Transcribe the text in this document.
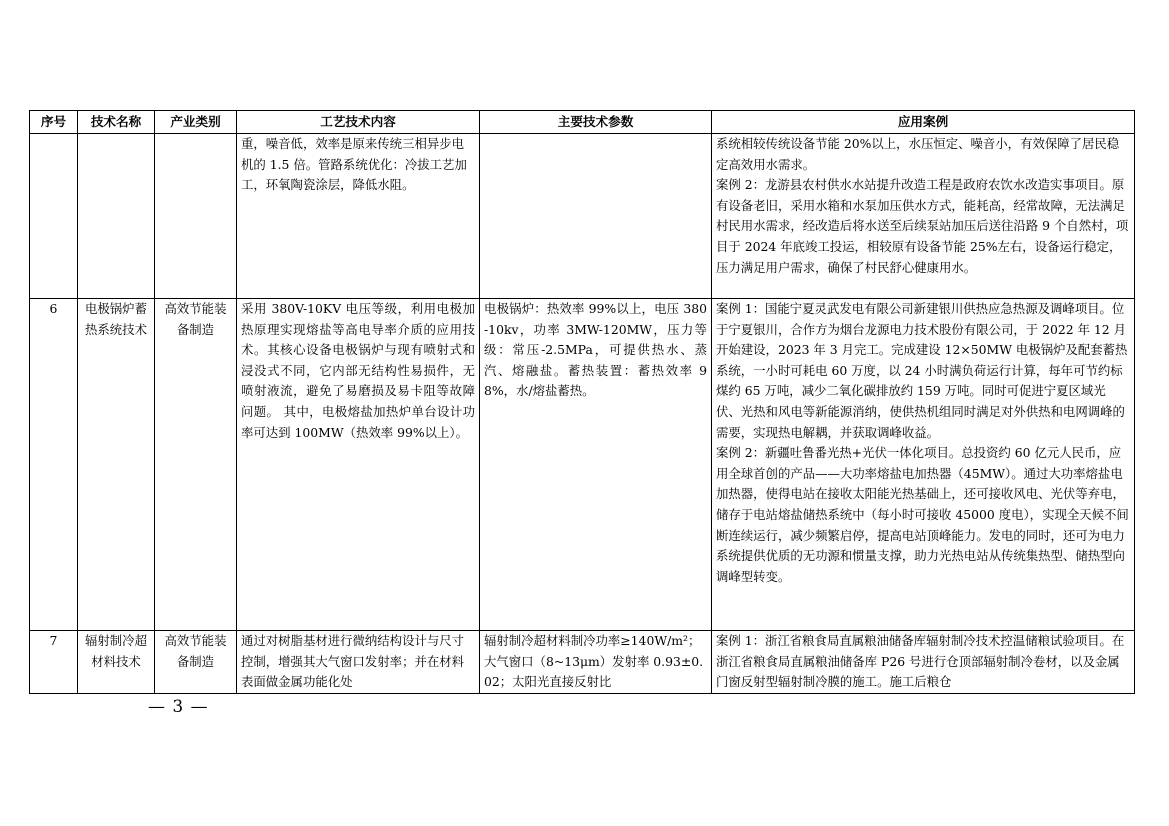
序号	技术名称	产业类别	工艺技术内容	主要技术参数	应用案例
			重，噪音低，效率是原来传统三相异步电机的 1.5 倍。管路系统优化：冷拔工艺加工，环氧陶瓷涂层，降低水阻。		系统相较传统设备节能 20%以上，水压恒定、噪音小，有效保障了居民稳定高效用水需求。
案例 2：龙游县农村供水水站提升改造工程是政府农饮水改造实事项目。原有设备老旧，采用水箱和水泵加压供水方式，能耗高，经常故障，无法满足村民用水需求，经改造后将水送至后续泵站加压后送往沿路 9 个自然村，项目于 2024 年底竣工投运，相较原有设备节能 25%左右，设备运行稳定，压力满足用户需求，确保了村民舒心健康用水。

6	电极锅炉蓄热系统技术	高效节能装备制造	采用 380V-10KV 电压等级，利用电极加热原理实现熔盐等高电导率介质的应用技术。其核心设备电极锅炉与现有喷射式和浸没式不同，它内部无结构性易损件，无喷射液流，避免了易磨损及易卡阻等故障问题。 其中，电极熔盐加热炉单台设计功率可达到 100MW（热效率 99%以上）。	电极锅炉：热效率 99%以上，电压 380-10kv，功率 3MW-120MW，压力等级：常压-2.5MPa，可提供热水、蒸汽、熔融盐。蓄热装置：蓄热效率 98%，水/熔盐蓄热。	案例 1：国能宁夏灵武发电有限公司新建银川供热应急热源及调峰项目。位于宁夏银川，合作方为烟台龙源电力技术股份有限公司，于 2022 年 12 月开始建设，2023 年 3 月完工。完成建设 12×50MW 电极锅炉及配套蓄热系统，一小时可耗电 60 万度，以 24 小时满负荷运行计算，每年可节约标煤约 65 万吨，减少二氧化碳排放约 159 万吨。同时可促进宁夏区域光伏、光热和风电等新能源消纳，使供热机组同时满足对外供热和电网调峰的需要，实现热电解耦，并获取调峰收益。
案例 2：新疆吐鲁番光热+光伏一体化项目。总投资约 60 亿元人民币，应用全球首创的产品——大功率熔盐电加热器（45MW）。通过大功率熔盐电加热器，使得电站在接收太阳能光热基础上，还可接收风电、光伏等弃电，储存于电站熔盐储热系统中（每小时可接收 45000 度电），实现全天候不间断连续运行，减少频繁启停，提高电站顶峰能力。发电的同时，还可为电力系统提供优质的无功源和惯量支撑，助力光热电站从传统集热型、储热型向调峰型转变。

7	辐射制冷超材料技术	高效节能装备制造	通过对树脂基材进行微纳结构设计与尺寸控制，增强其大气窗口发射率；并在材料表面做金属功能化处	辐射制冷超材料制冷功率≥140W/m²；大气窗口（8~13μm）发射率 0.93±0.02；太阳光直接反射比	案例 1：浙江省粮食局直属粮油储备库辐射制冷技术控温储粮试验项目。在浙江省粮食局直属粮油储备库 P26 号进行仓顶部辐射制冷卷材，以及金属门窗反射型辐射制冷膜的施工。施工后粮仓
— 3 —
